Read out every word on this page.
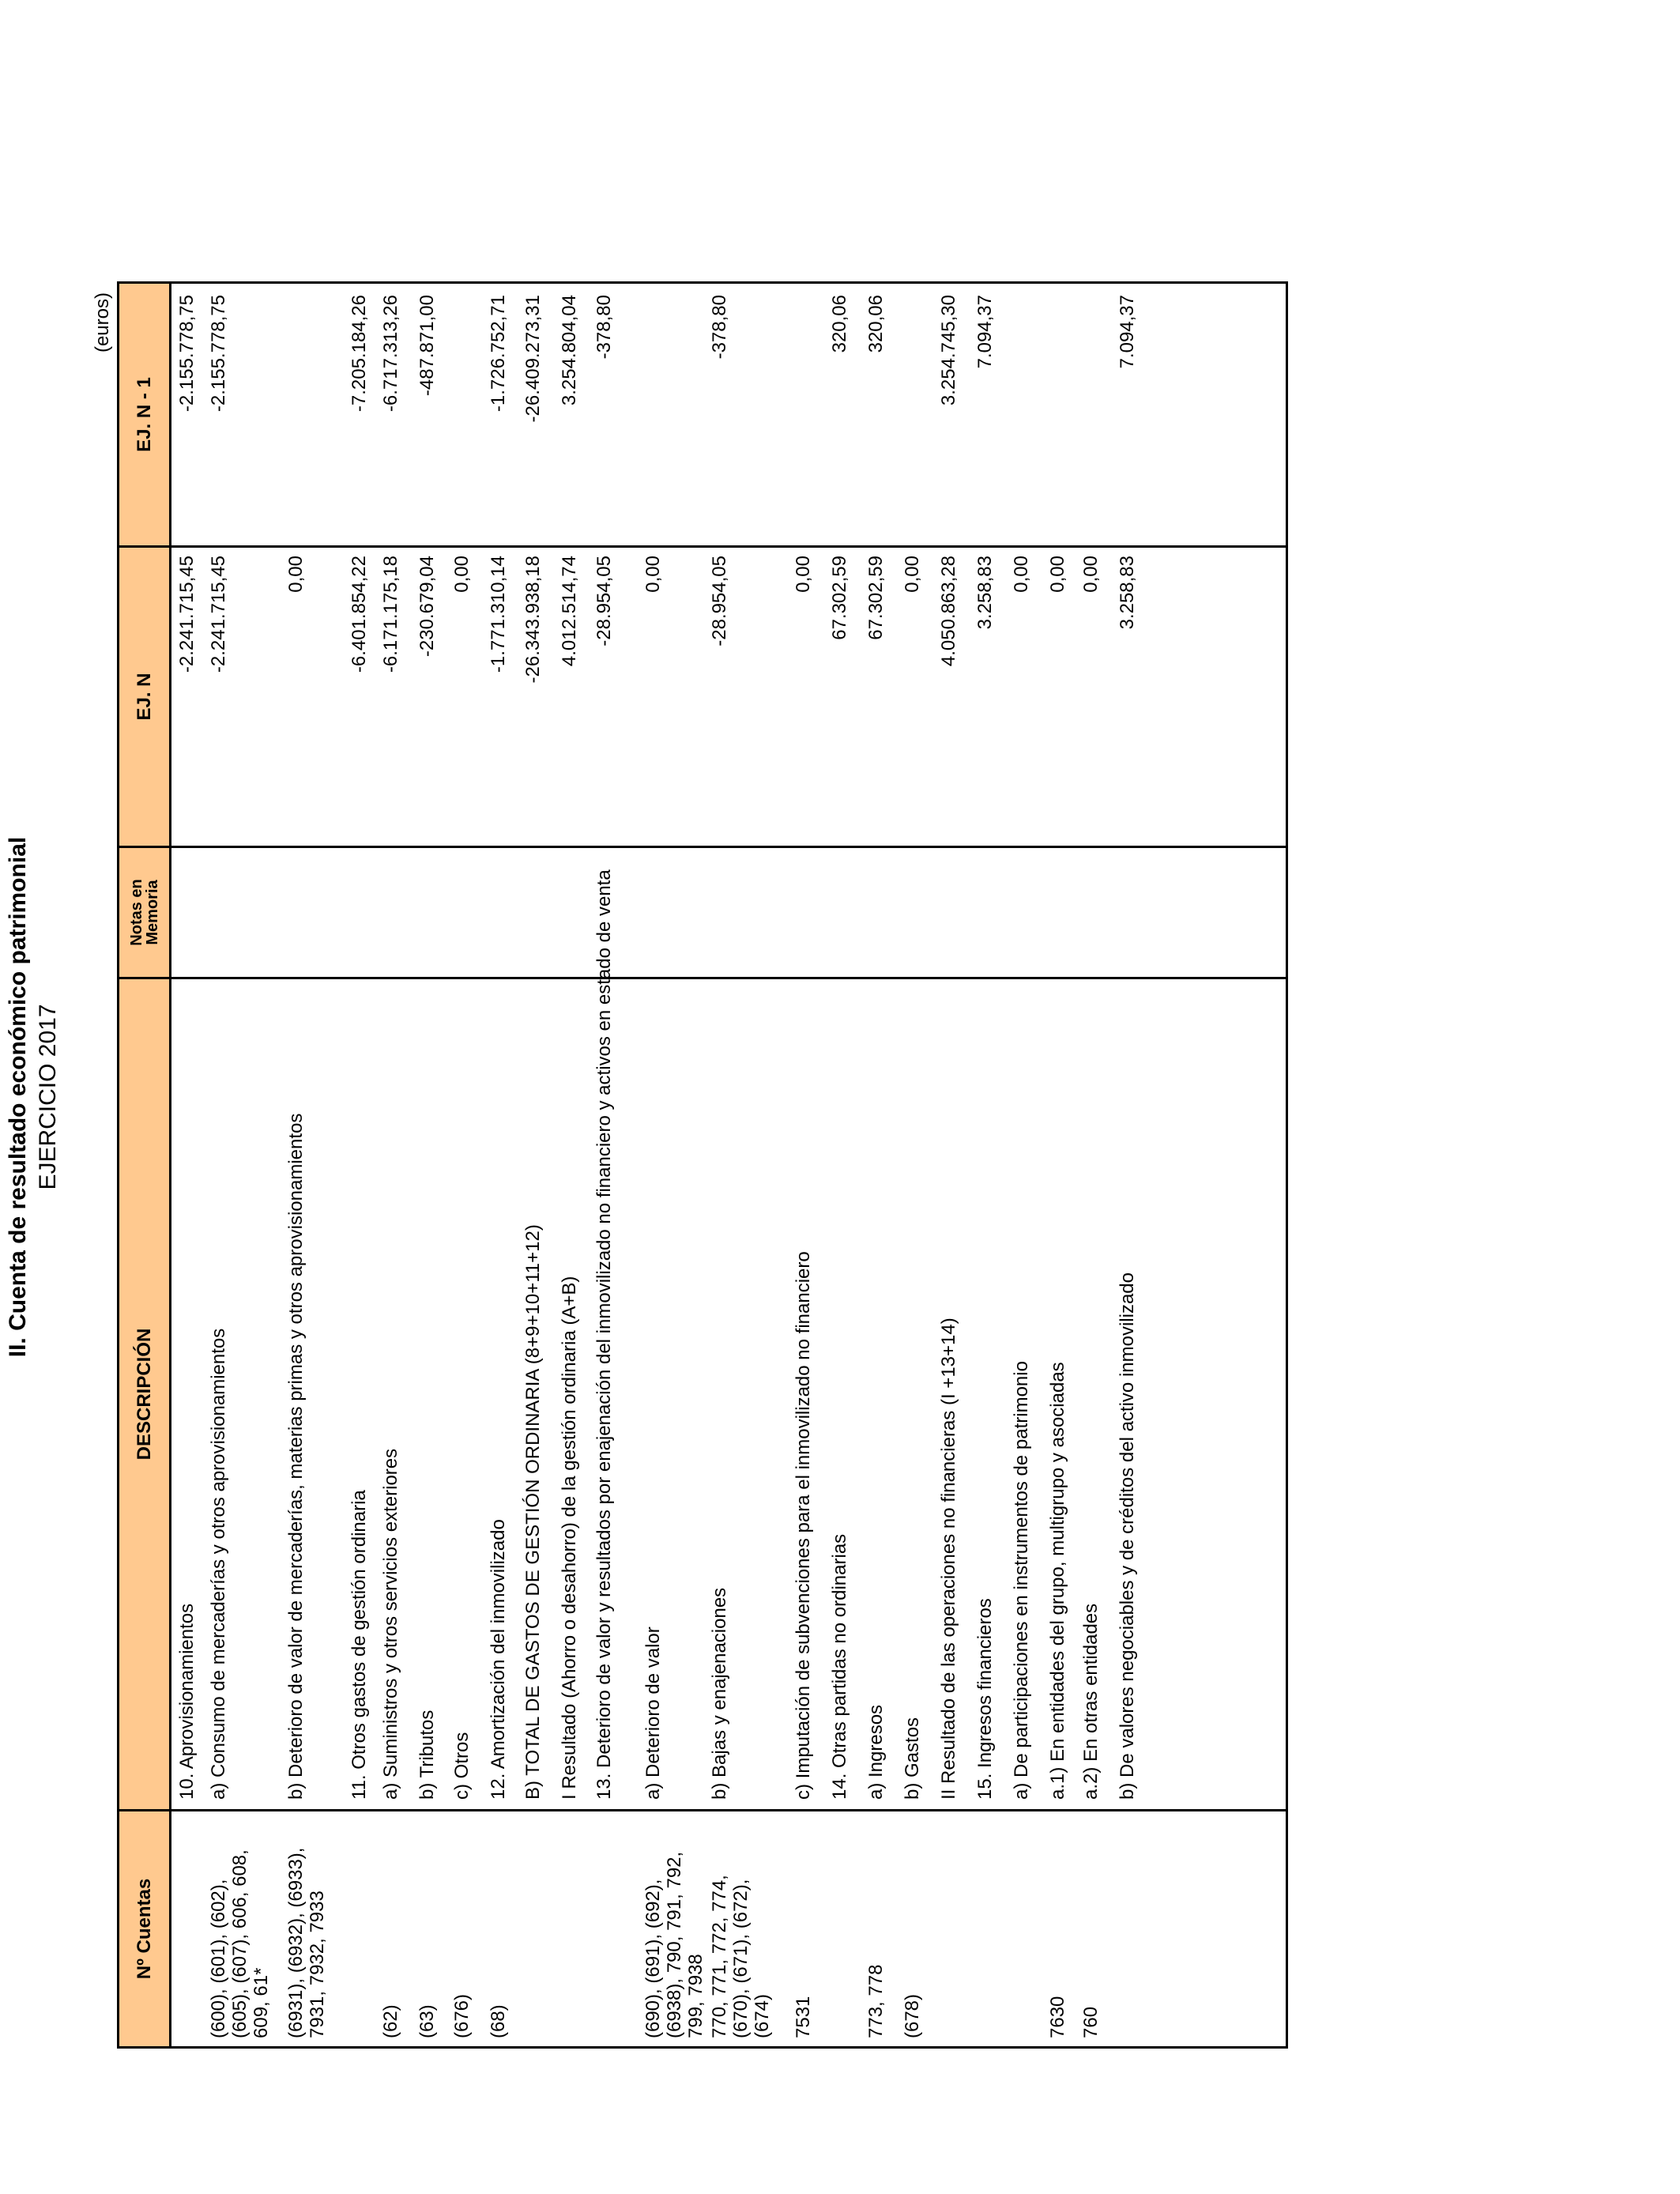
II. Cuenta de resultado económico patrimonial EJERCICIO 2017
(euros)
Nº Cuentas
DESCRIPCIÓN
Notas en Memoria
EJ. N
EJ. N - 1
10. Aprovisionamientos
-2.241.715,45
-2.155.778,75
(600), (601), (602), (605), (607), 606, 608, 609, 61*
a) Consumo de mercaderías y otros aprovisionamientos
-2.241.715,45
-2.155.778,75
(6931), (6932), (6933), 7931, 7932, 7933
b) Deterioro de valor de mercaderías, materias primas y otros aprovisionamientos
0,00
11. Otros gastos de gestión ordinaria
-6.401.854,22
-7.205.184,26
(62)
a) Suministros y otros servicios exteriores
-6.171.175,18
-6.717.313,26
(63)
b) Tributos
-230.679,04
-487.871,00
(676)
c) Otros
0,00
(68)
12. Amortización del inmovilizado
-1.771.310,14
-1.726.752,71
B) TOTAL DE GASTOS DE GESTIÓN ORDINARIA (8+9+10+11+12)
-26.343.938,18
-26.409.273,31
I Resultado (Ahorro o desahorro) de la gestión ordinaria (A+B)
4.012.514,74
3.254.804,04
13. Deterioro de valor y resultados por enajenación del inmovilizado no financiero y activos en estado de venta
-28.954,05
-378,80
(690), (691), (692), (6938), 790, 791, 792, 799, 7938
a) Deterioro de valor
0,00
770, 771, 772, 774, (670), (671), (672), (674)
b) Bajas y enajenaciones
-28.954,05
-378,80
7531
c) Imputación de subvenciones para el inmovilizado no financiero
0,00
14. Otras partidas no ordinarias
67.302,59
320,06
773, 778
a) Ingresos
67.302,59
320,06
(678)
b) Gastos
0,00
II Resultado de las operaciones no financieras (I +13+14)
4.050.863,28
3.254.745,30
15. Ingresos financieros
3.258,83
7.094,37
a) De participaciones en instrumentos de patrimonio
0,00
7630
a.1) En entidades del grupo, multigrupo y asociadas
0,00
760
a.2) En otras entidades
0,00
b) De valores negociables y de créditos del activo inmovilizado
3.258,83
7.094,37
